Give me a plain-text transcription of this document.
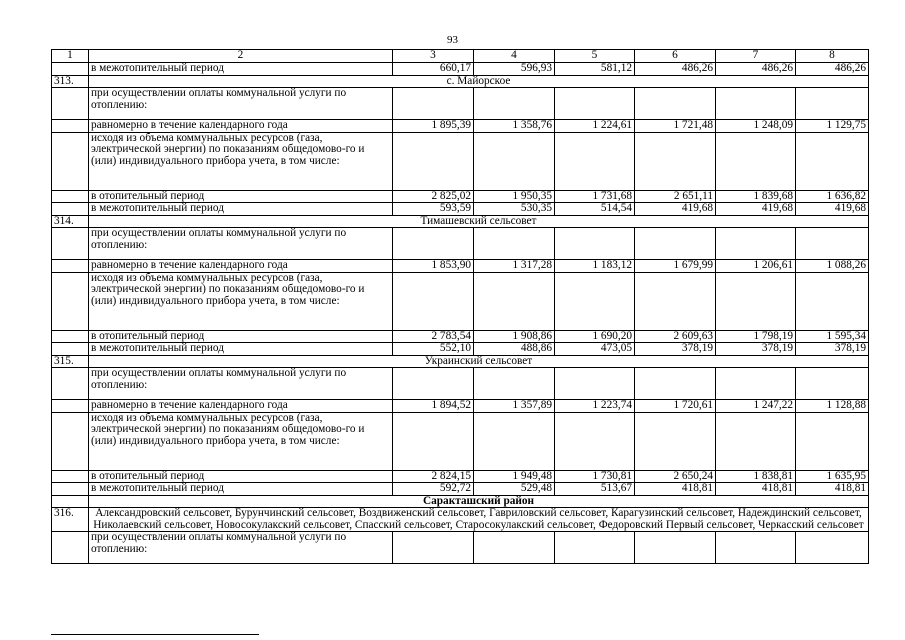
93
1	2	3	4	5	6	7	8
	в межотопительный период	660,17	596,93	581,12	486,26	486,26	486,26
313.	с. Майорское						
	при осуществлении оплаты коммунальной услуги по отоплению:						
	равномерно в течение календарного года	1 895,39	1 358,76	1 224,61	1 721,48	1 248,09	1 129,75
	исходя из объема коммунальных ресурсов (газа, электрической энергии) по показаниям общедомово-го и (или) индивидуального прибора учета, в том числе:						
	в отопительный период	2 825,02	1 950,35	1 731,68	2 651,11	1 839,68	1 636,82
	в межотопительный период	593,59	530,35	514,54	419,68	419,68	419,68
314.	Тимашевский сельсовет						
	при осуществлении оплаты коммунальной услуги по отоплению:						
	равномерно в течение календарного года	1 853,90	1 317,28	1 183,12	1 679,99	1 206,61	1 088,26
	исходя из объема коммунальных ресурсов (газа, электрической энергии) по показаниям общедомово-го и (или) индивидуального прибора учета, в том числе:						
	в отопительный период	2 783,54	1 908,86	1 690,20	2 609,63	1 798,19	1 595,34
	в межотопительный период	552,10	488,86	473,05	378,19	378,19	378,19
315.	Украинский сельсовет						
	при осуществлении оплаты коммунальной услуги по отоплению:						
	равномерно в течение календарного года	1 894,52	1 357,89	1 223,74	1 720,61	1 247,22	1 128,88
	исходя из объема коммунальных ресурсов (газа, электрической энергии) по показаниям общедомово-го и (или) индивидуального прибора учета, в том числе:						
	в отопительный период	2 824,15	1 949,48	1 730,81	2 650,24	1 838,81	1 635,95
	в межотопительный период	592,72	529,48	513,67	418,81	418,81	418,81
	Саракташский район						
316.	Александровский сельсовет, Бурунчинский сельсовет, Воздвиженский сельсовет, Гавриловский сельсовет, Карагузинский сельсовет, Надеждинский сельсовет, Николаевский сельсовет, Новосокулакский сельсовет, Спасский сельсовет, Старосокулакский сельсовет, Федоровский Первый сельсовет, Черкасский сельсовет						
	при осуществлении оплаты коммунальной услуги по отоплению:						
